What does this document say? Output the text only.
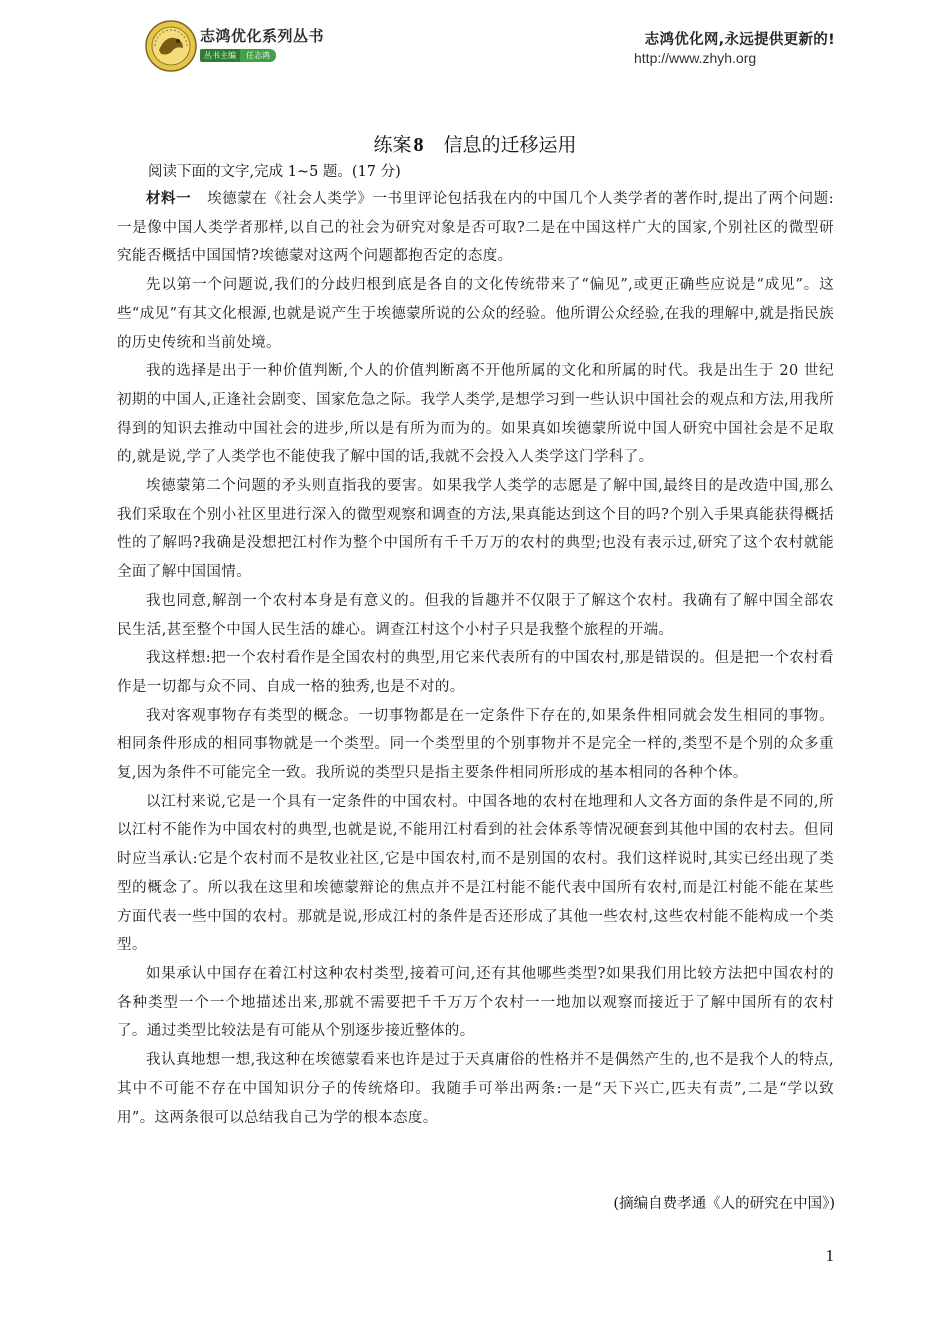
志鸿优化系列丛书
丛书主编	任志鸿
志鸿优化网,永远提供更新的!
http://www.zhyh.org
练案 8 信息的迁移运用
阅读下面的文字,完成 1~5 题。(17 分)

材料一 埃德蒙在《社会人类学》一书里评论包括我在内的中国几个人类学者的著作时,提出了两个问题:一是像中国人类学者那样,以自己的社会为研究对象是否可取?二是在中国这样广大的国家,个别社区的微型研究能否概括中国国情?埃德蒙对这两个问题都抱否定的态度。

先以第一个问题说,我们的分歧归根到底是各自的文化传统带来了“偏见”,或更正确些应说是“成见”。这些“成见”有其文化根源,也就是说产生于埃德蒙所说的公众的经验。他所谓公众经验,在我的理解中,就是指民族的历史传统和当前处境。

我的选择是出于一种价值判断,个人的价值判断离不开他所属的文化和所属的时代。我是出生于 20 世纪初期的中国人,正逢社会剧变、国家危急之际。我学人类学,是想学习到一些认识中国社会的观点和方法,用我所得到的知识去推动中国社会的进步,所以是有所为而为的。如果真如埃德蒙所说中国人研究中国社会是不足取的,就是说,学了人类学也不能使我了解中国的话,我就不会投入人类学这门学科了。

埃德蒙第二个问题的矛头则直指我的要害。如果我学人类学的志愿是了解中国,最终目的是改造中国,那么我们采取在个别小社区里进行深入的微型观察和调查的方法,果真能达到这个目的吗?个别入手果真能获得概括性的了解吗?我确是没想把江村作为整个中国所有千千万万的农村的典型;也没有表示过,研究了这个农村就能全面了解中国国情。

我也同意,解剖一个农村本身是有意义的。但我的旨趣并不仅限于了解这个农村。我确有了解中国全部农民生活,甚至整个中国人民生活的雄心。调查江村这个小村子只是我整个旅程的开端。

我这样想:把一个农村看作是全国农村的典型,用它来代表所有的中国农村,那是错误的。但是把一个农村看作是一切都与众不同、自成一格的独秀,也是不对的。

我对客观事物存有类型的概念。一切事物都是在一定条件下存在的,如果条件相同就会发生相同的事物。相同条件形成的相同事物就是一个类型。同一个类型里的个别事物并不是完全一样的,类型不是个别的众多重复,因为条件不可能完全一致。我所说的类型只是指主要条件相同所形成的基本相同的各种个体。

以江村来说,它是一个具有一定条件的中国农村。中国各地的农村在地理和人文各方面的条件是不同的,所以江村不能作为中国农村的典型,也就是说,不能用江村看到的社会体系等情况硬套到其他中国的农村去。但同时应当承认:它是个农村而不是牧业社区,它是中国农村,而不是别国的农村。我们这样说时,其实已经出现了类型的概念了。所以我在这里和埃德蒙辩论的焦点并不是江村能不能代表中国所有农村,而是江村能不能在某些方面代表一些中国的农村。那就是说,形成江村的条件是否还形成了其他一些农村,这些农村能不能构成一个类型。

如果承认中国存在着江村这种农村类型,接着可问,还有其他哪些类型?如果我们用比较方法把中国农村的各种类型一个一个地描述出来,那就不需要把千千万万个农村一一地加以观察而接近于了解中国所有的农村了。通过类型比较法是有可能从个别逐步接近整体的。

我认真地想一想,我这种在埃德蒙看来也许是过于天真庸俗的性格并不是偶然产生的,也不是我个人的特点,其中不可能不存在中国知识分子的传统烙印。我随手可举出两条:一是“天下兴亡,匹夫有责”,二是“学以致用”。这两条很可以总结我自己为学的根本态度。

(摘编自费孝通《人的研究在中国》)
1
